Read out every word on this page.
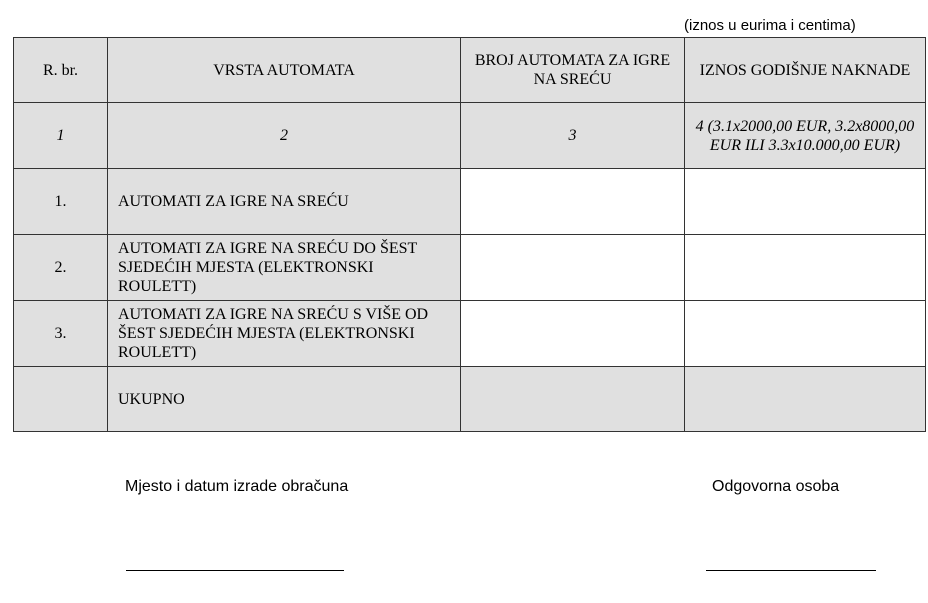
(iznos u eurima i centima)
R. br.	VRSTA AUTOMATA	BROJ AUTOMATA ZA IGRE NA SREĆU	IZNOS GODIŠNJE NAKNADE
1	2	3	4 (3.1x2000,00 EUR, 3.2x8000,00 EUR ILI 3.3x10.000,00 EUR)
1.	AUTOMATI ZA IGRE NA SREĆU		
2.	AUTOMATI ZA IGRE NA SREĆU DO ŠEST SJEDEĆIH MJESTA (ELEKTRONSKI ROULETT)		
3.	AUTOMATI ZA IGRE NA SREĆU S VIŠE OD ŠEST SJEDEĆIH MJESTA (ELEKTRONSKI ROULETT)		
	UKUPNO		
Mjesto i datum izrade obračuna	Odgovorna osoba
